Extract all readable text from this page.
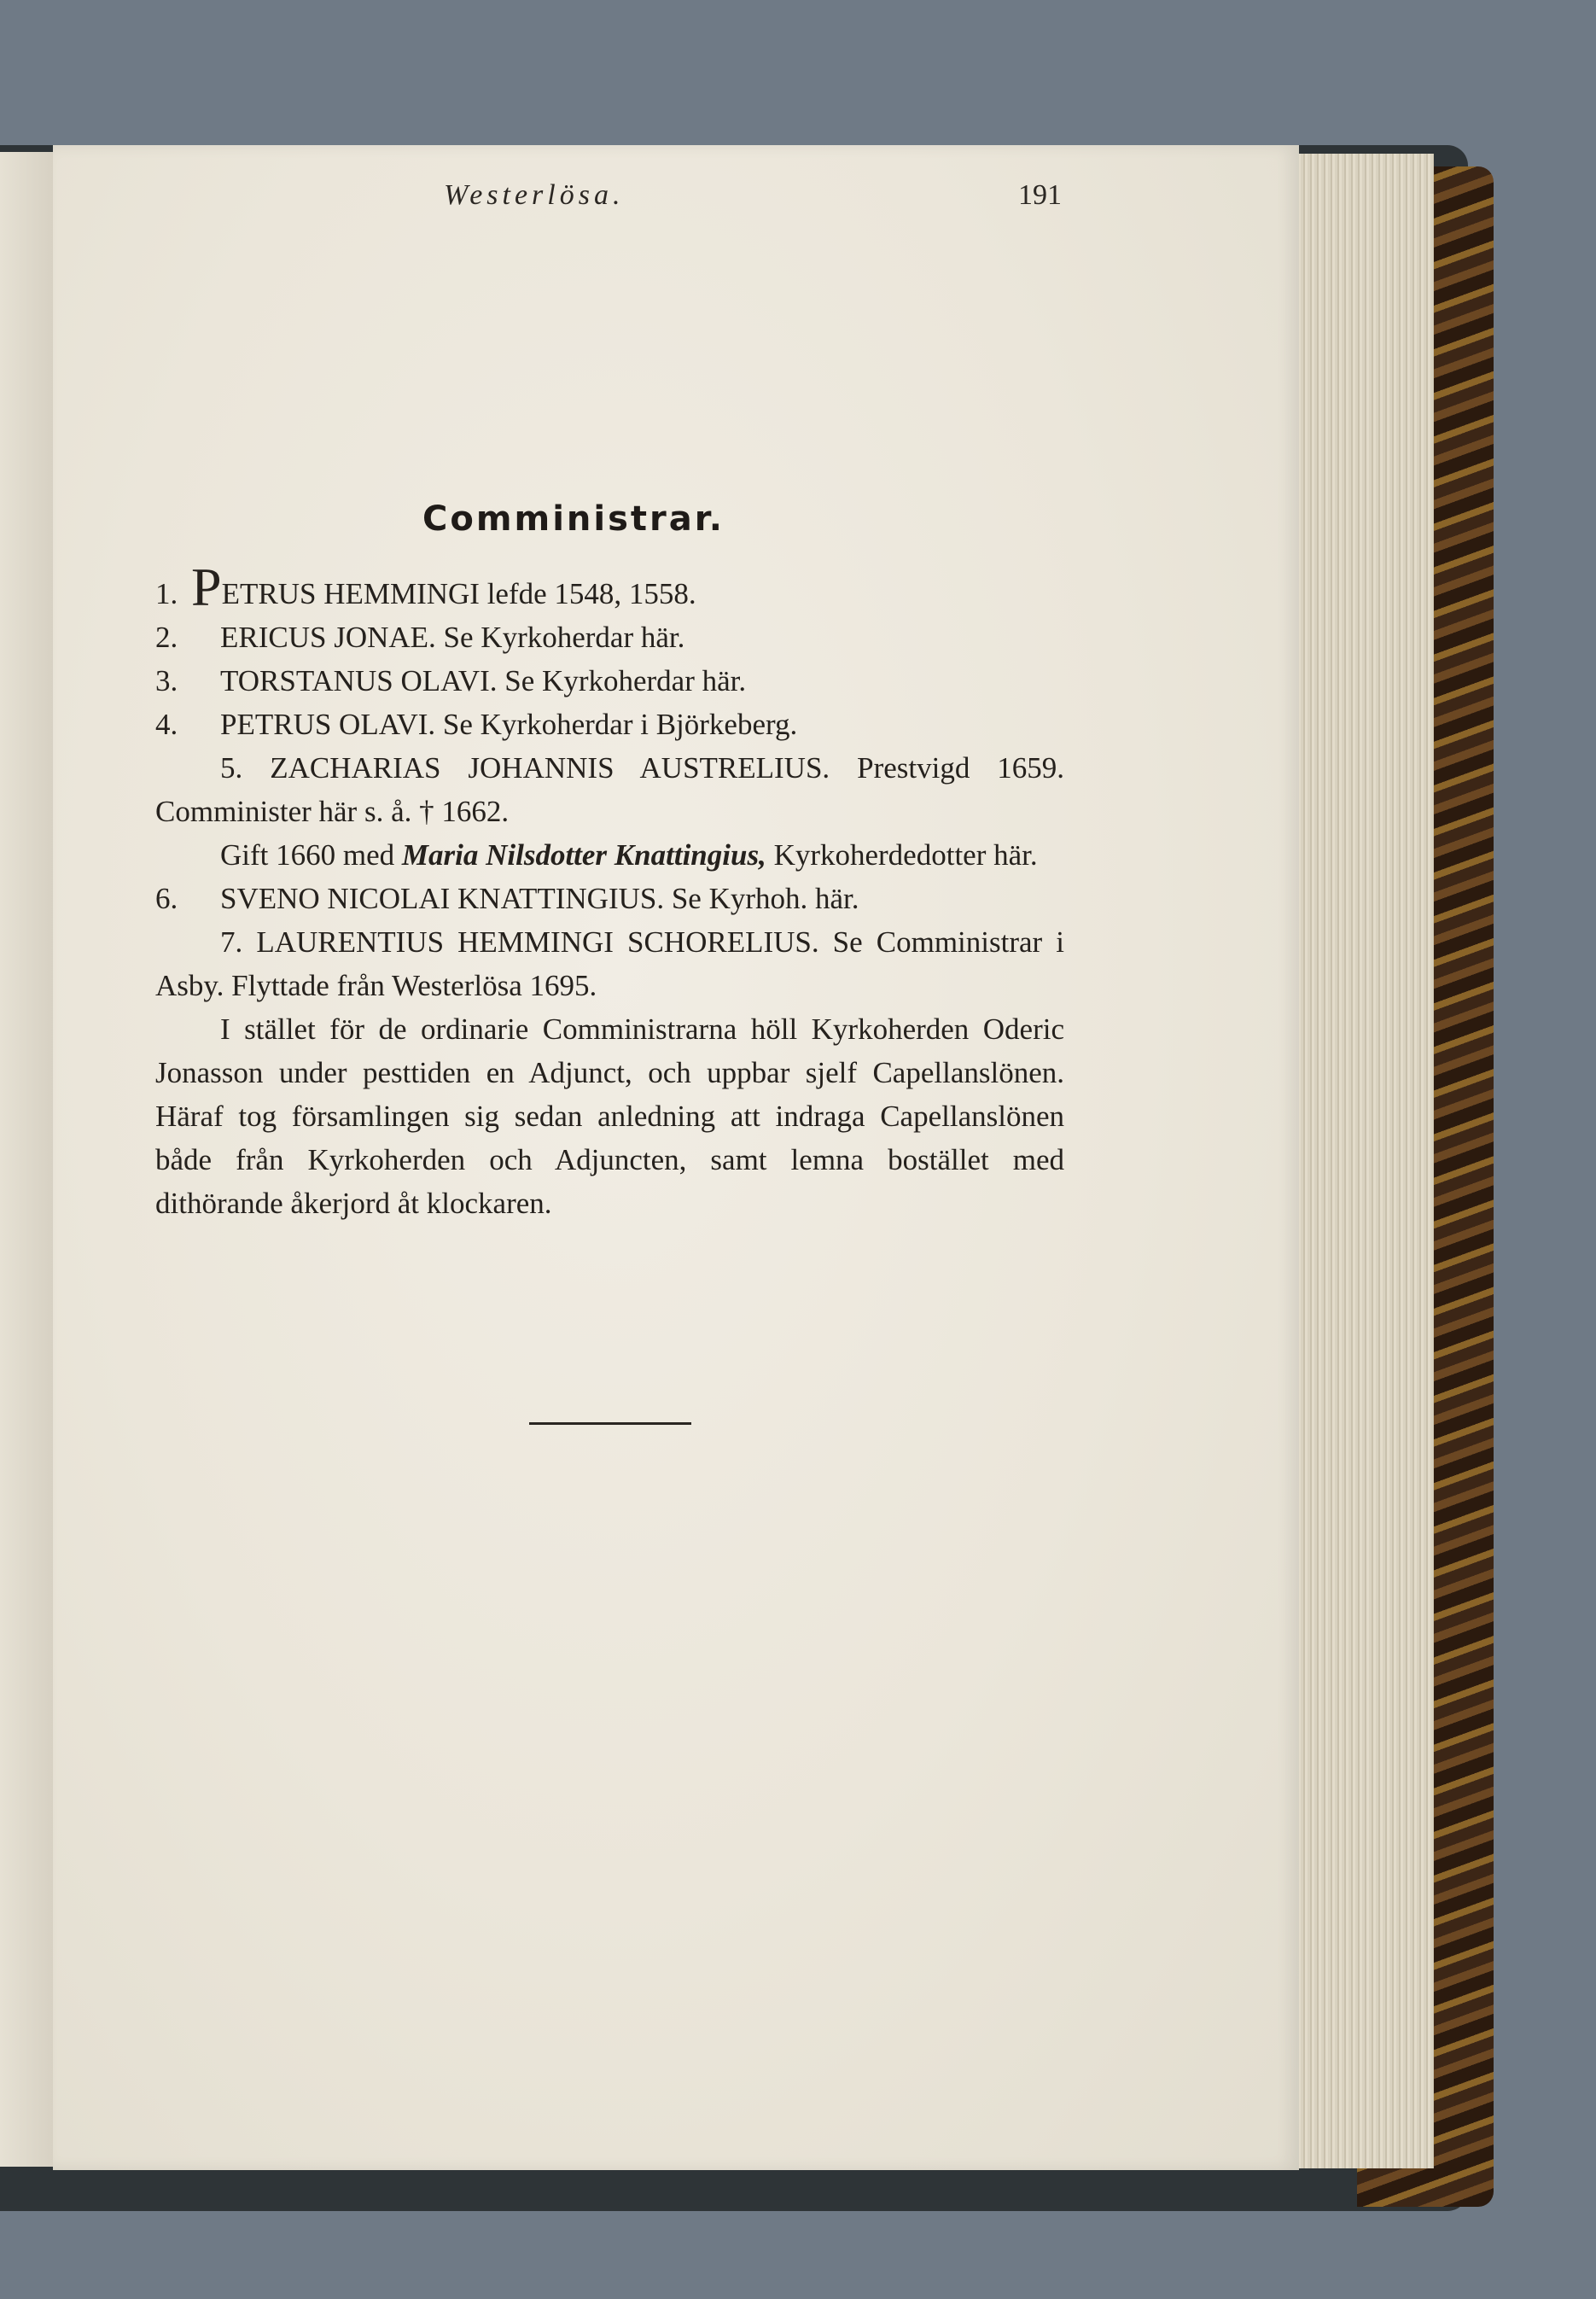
Westerlösa.	191
Comministrar.

1. PETRUS HEMMINGI lefde 1548, 1558.

2. ERICUS JONAE. Se Kyrkoherdar här.

3. TORSTANUS OLAVI. Se Kyrkoherdar här.

4. PETRUS OLAVI. Se Kyrkoherdar i Björkeberg.

5. ZACHARIAS JOHANNIS AUSTRELIUS. Prestvigd 1659. Comminister här s. å. † 1662.

Gift 1660 med Maria Nilsdotter Knattingius, Kyrkoherdedotter här.

6. SVENO NICOLAI KNATTINGIUS. Se Kyrhoh. här.

7. LAURENTIUS HEMMINGI SCHORELIUS. Se Comministrar i Asby. Flyttade från Westerlösa 1695.

I stället för de ordinarie Comministrarna höll Kyrkoherden Oderic Jonasson under pesttiden en Adjunct, och uppbar sjelf Capellanslönen. Häraf tog församlingen sig sedan anledning att indraga Capellanslönen både från Kyrkoherden och Adjuncten, samt lemna bostället med dithörande åkerjord åt klockaren.
